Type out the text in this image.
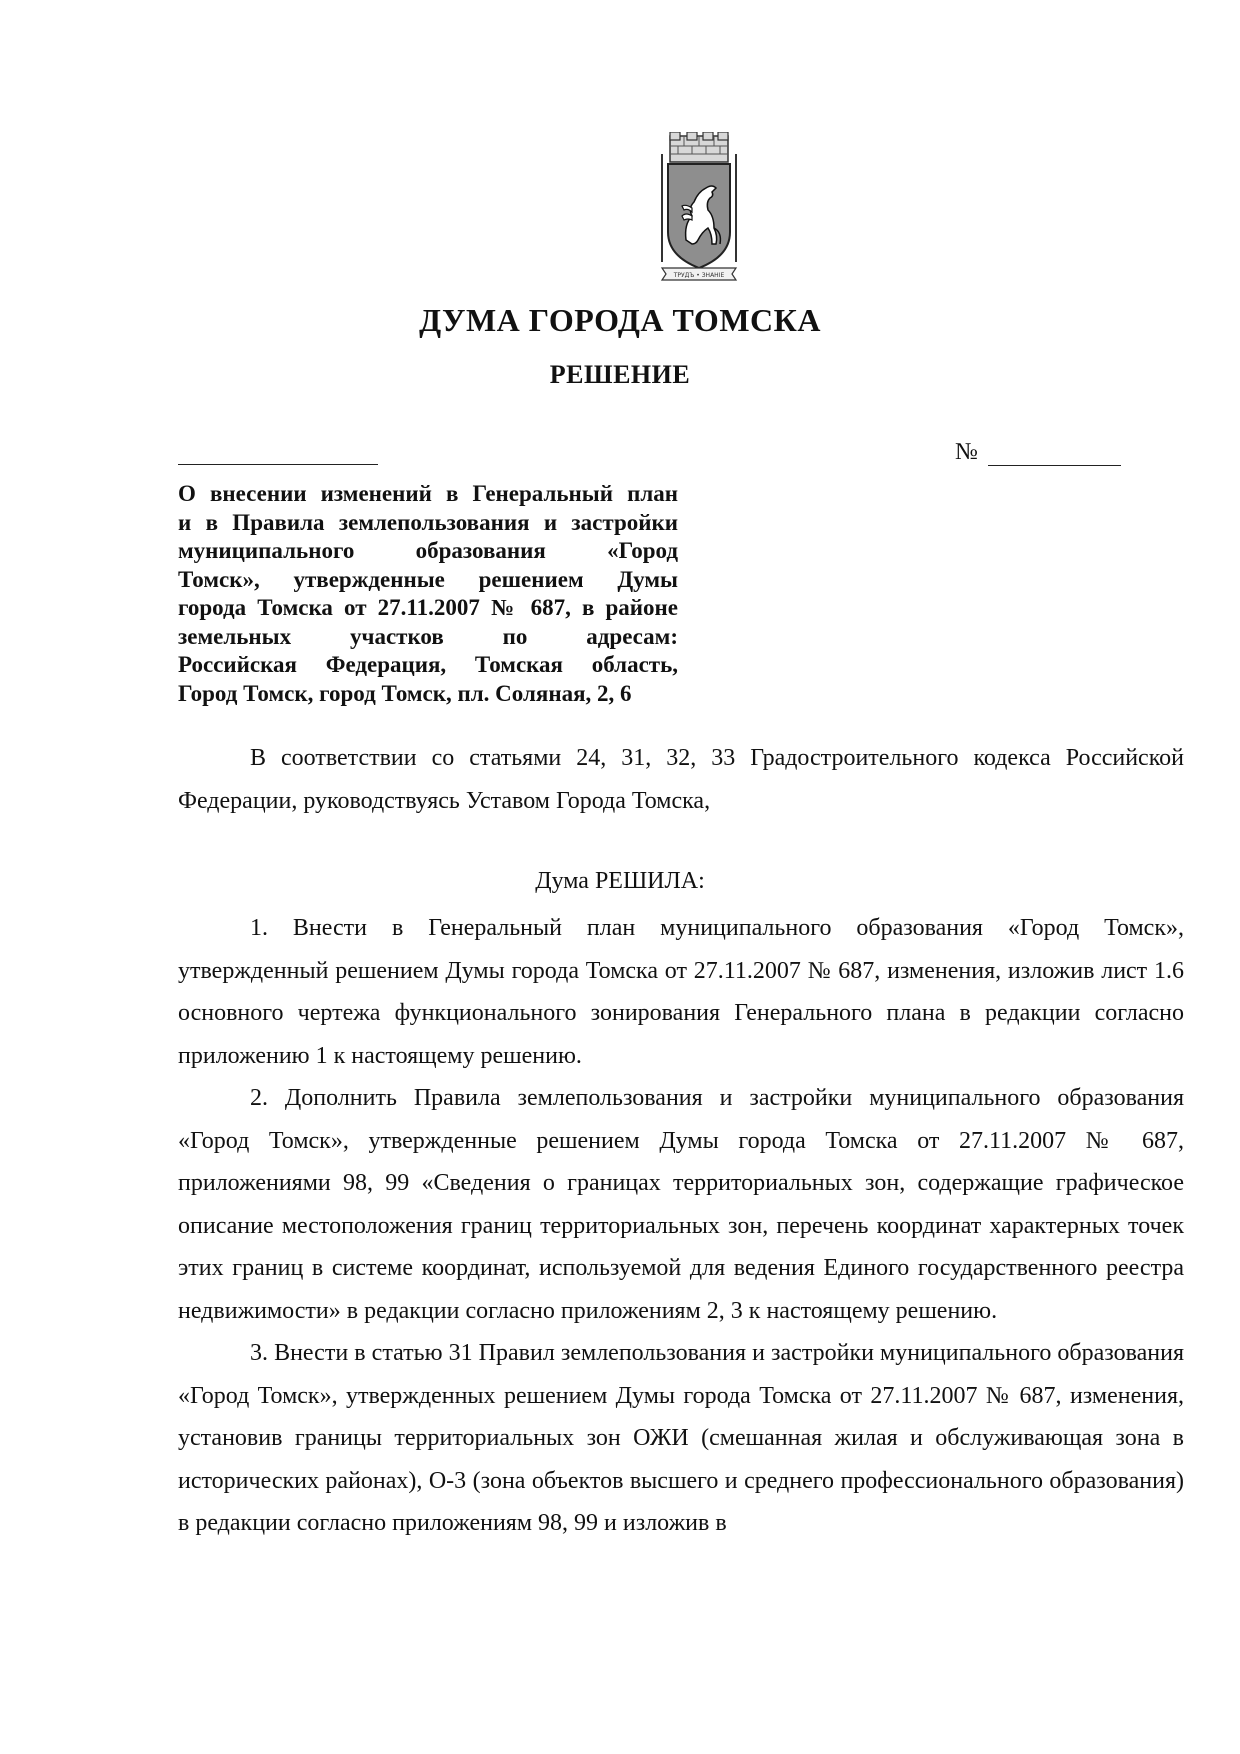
ТРУДЪ • ЗНАНIЕ
ДУМА ГОРОДА ТОМСКА
РЕШЕНИЕ
№
О внесении изменений в Генеральный план
и в Правила землепользования и застройки
муниципального образования «Город
Томск», утвержденные решением Думы
города Томска от 27.11.2007 № 687, в районе
земельных участков по адресам:
Российская Федерация, Томская область,
Город Томск, город Томск, пл. Соляная, 2, 6

В соответствии со статьями 24, 31, 32, 33 Градостроительного кодекса Российской Федерации, руководствуясь Уставом Города Томска,

Дума РЕШИЛА:

1. Внести в Генеральный план муниципального образования «Город Томск», утвержденный решением Думы города Томска от 27.11.2007 № 687, изменения, изложив лист 1.6 основного чертежа функционального зонирования Генерального плана в редакции согласно приложению 1 к настоящему решению.

2. Дополнить Правила землепользования и застройки муниципального образования «Город Томск», утвержденные решением Думы города Томска от 27.11.2007 № 687, приложениями 98, 99 «Сведения о границах территориальных зон, содержащие графическое описание местоположения границ территориальных зон, перечень координат характерных точек этих границ в системе координат, используемой для ведения Единого государственного реестра недвижимости» в редакции согласно приложениям 2, 3 к настоящему решению.

3. Внести в статью 31 Правил землепользования и застройки муниципального образования «Город Томск», утвержденных решением Думы города Томска от 27.11.2007 № 687, изменения, установив границы территориальных зон ОЖИ (смешанная жилая и обслуживающая зона в исторических районах), О-3 (зона объектов высшего и среднего профессионального образования) в редакции согласно приложениям 98, 99 и изложив в
